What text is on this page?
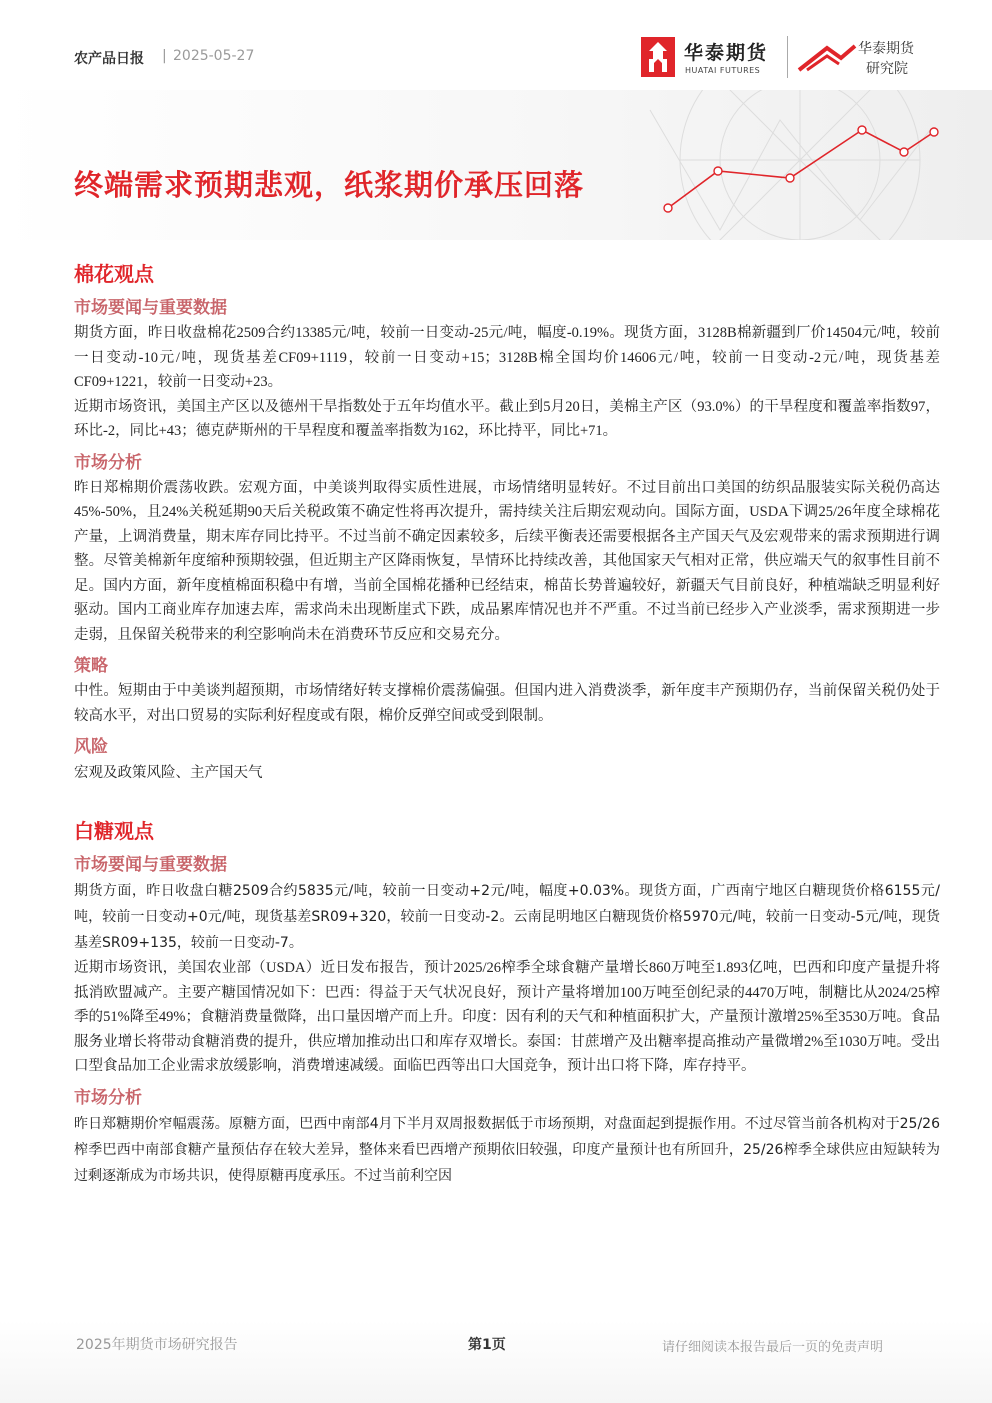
农产品日报 | 2025-05-27	华泰期货
HUATAI FUTURES
华泰期货
研究院
终端需求预期悲观，纸浆期价承压回落
棉花观点
市场要闻与重要数据

期货方面，昨日收盘棉花2509合约13385元/吨，较前一日变动-25元/吨，幅度-0.19%。现货方面，3128B棉新疆到厂价14504元/吨，较前一日变动-10元/吨，现货基差CF09+1119，较前一日变动+15；3128B棉全国均价14606元/吨，较前一日变动-2元/吨，现货基差CF09+1221，较前一日变动+23。

近期市场资讯，美国主产区以及德州干旱指数处于五年均值水平。截止到5月20日，美棉主产区（93.0%）的干旱程度和覆盖率指数97，环比-2，同比+43；德克萨斯州的干旱程度和覆盖率指数为162，环比持平，同比+71。

市场分析

昨日郑棉期价震荡收跌。宏观方面，中美谈判取得实质性进展，市场情绪明显转好。不过目前出口美国的纺织品服装实际关税仍高达45%-50%，且24%关税延期90天后关税政策不确定性将再次提升，需持续关注后期宏观动向。国际方面，USDA下调25/26年度全球棉花产量，上调消费量，期末库存同比持平。不过当前不确定因素较多，后续平衡表还需要根据各主产国天气及宏观带来的需求预期进行调整。尽管美棉新年度缩种预期较强，但近期主产区降雨恢复，旱情环比持续改善，其他国家天气相对正常，供应端天气的叙事性目前不足。国内方面，新年度植棉面积稳中有增，当前全国棉花播种已经结束，棉苗长势普遍较好，新疆天气目前良好，种植端缺乏明显利好驱动。国内工商业库存加速去库，需求尚未出现断崖式下跌，成品累库情况也并不严重。不过当前已经步入产业淡季，需求预期进一步走弱，且保留关税带来的利空影响尚未在消费环节反应和交易充分。

策略

中性。短期由于中美谈判超预期，市场情绪好转支撑棉价震荡偏强。但国内进入消费淡季，新年度丰产预期仍存，当前保留关税仍处于较高水平，对出口贸易的实际利好程度或有限，棉价反弹空间或受到限制。

风险

宏观及政策风险、主产国天气

白糖观点
市场要闻与重要数据

期货方面，昨日收盘白糖2509合约5835元/吨，较前一日变动+2元/吨，幅度+0.03%。现货方面，广西南宁地区白糖现货价格6155元/吨，较前一日变动+0元/吨，现货基差SR09+320，较前一日变动-2。云南昆明地区白糖现货价格5970元/吨，较前一日变动-5元/吨，现货基差SR09+135，较前一日变动-7。

近期市场资讯，美国农业部（USDA）近日发布报告，预计2025/26榨季全球食糖产量增长860万吨至1.893亿吨，巴西和印度产量提升将抵消欧盟减产。主要产糖国情况如下：巴西：得益于天气状况良好，预计产量将增加100万吨至创纪录的4470万吨，制糖比从2024/25榨季的51%降至49%；食糖消费量微降，出口量因增产而上升。印度：因有利的天气和种植面积扩大，产量预计激增25%至3530万吨。食品服务业增长将带动食糖消费的提升，供应增加推动出口和库存双增长。泰国：甘蔗增产及出糖率提高推动产量微增2%至1030万吨。受出口型食品加工企业需求放缓影响，消费增速减缓。面临巴西等出口大国竞争，预计出口将下降，库存持平。

市场分析

昨日郑糖期价窄幅震荡。原糖方面，巴西中南部4月下半月双周报数据低于市场预期，对盘面起到提振作用。不过尽管当前各机构对于25/26榨季巴西中南部食糖产量预估存在较大差异，整体来看巴西增产预期依旧较强，印度产量预计也有所回升，25/26榨季全球供应由短缺转为过剩逐渐成为市场共识，使得原糖再度承压。不过当前利空因

2025年期货市场研究报告	第1页	请仔细阅读本报告最后一页的免责声明
